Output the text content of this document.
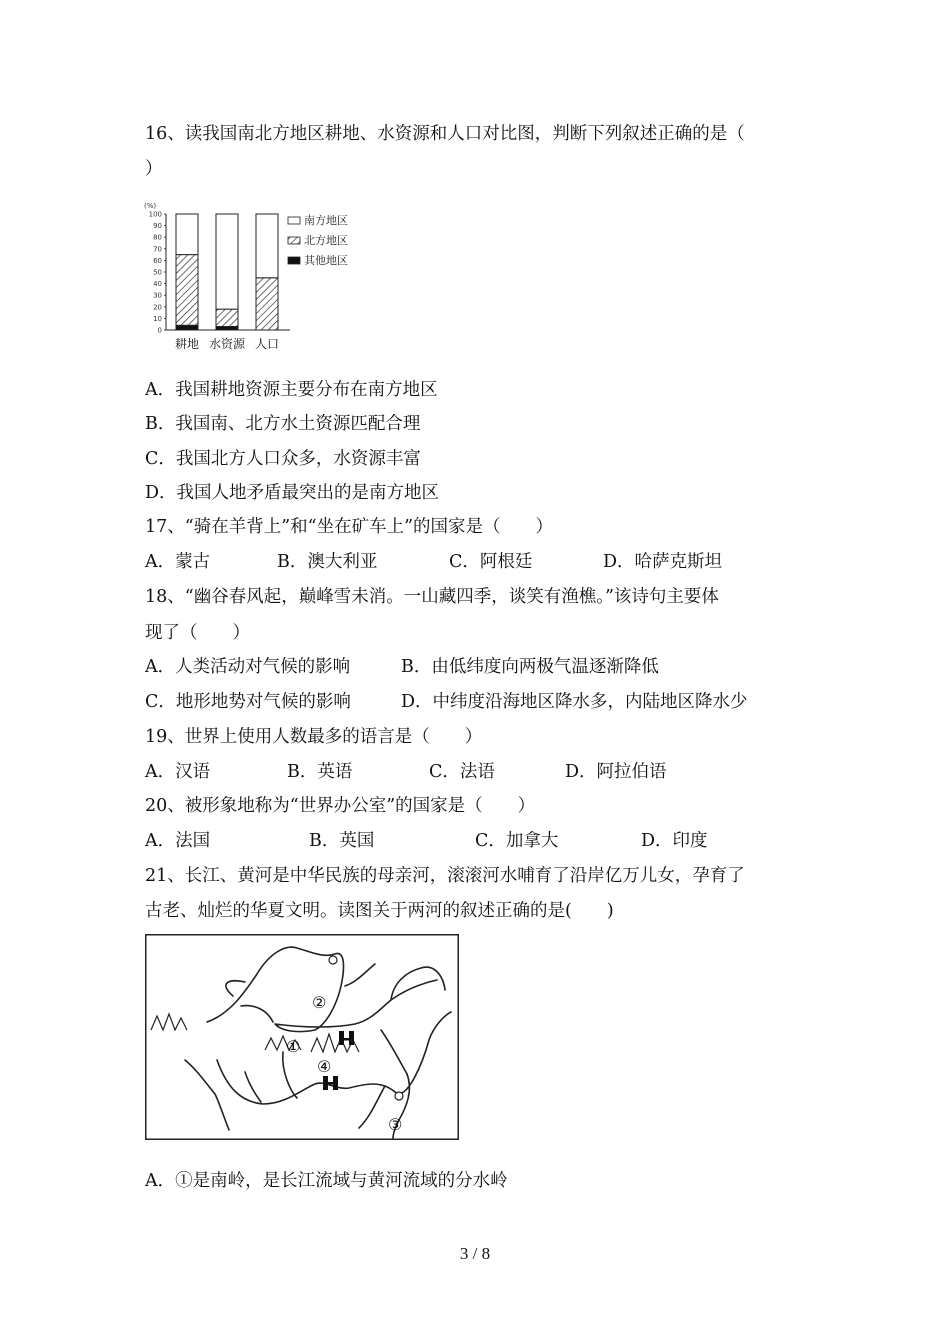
16、读我国南北方地区耕地、水资源和人口对比图，判断下列叙述正确的是（
）
(%)
0
10
20
30
40
50
60
70
80
90
100
耕地 水资源 人口
南方地区
北方地区
其他地区
A．我国耕地资源主要分布在南方地区
B．我国南、北方水土资源匹配合理
C．我国北方人口众多，水资源丰富
D．我国人地矛盾最突出的是南方地区
17、“骑在羊背上”和“坐在矿车上”的国家是（　　）
A．蒙古	B．澳大利亚	C．阿根廷	D．哈萨克斯坦
18、“幽谷春风起，巅峰雪未消。一山藏四季，谈笑有渔樵。”该诗句主要体
现了（　　）
A．人类活动对气候的影响	B．由低纬度向两极气温逐渐降低
C．地形地势对气候的影响	D．中纬度沿海地区降水多，内陆地区降水少
19、世界上使用人数最多的语言是（　　）
A．汉语	B．英语	C．法语	D．阿拉伯语
20、被形象地称为“世界办公室”的国家是（　　）
A．法国	B．英国	C．加拿大	D．印度
21、长江、黄河是中华民族的母亲河，滚滚河水哺育了沿岸亿万儿女，孕育了
古老、灿烂的华夏文明。读图关于两河的叙述正确的是(　　)
②
①
④
③
A．①是南岭，是长江流域与黄河流域的分水岭
3 / 8
